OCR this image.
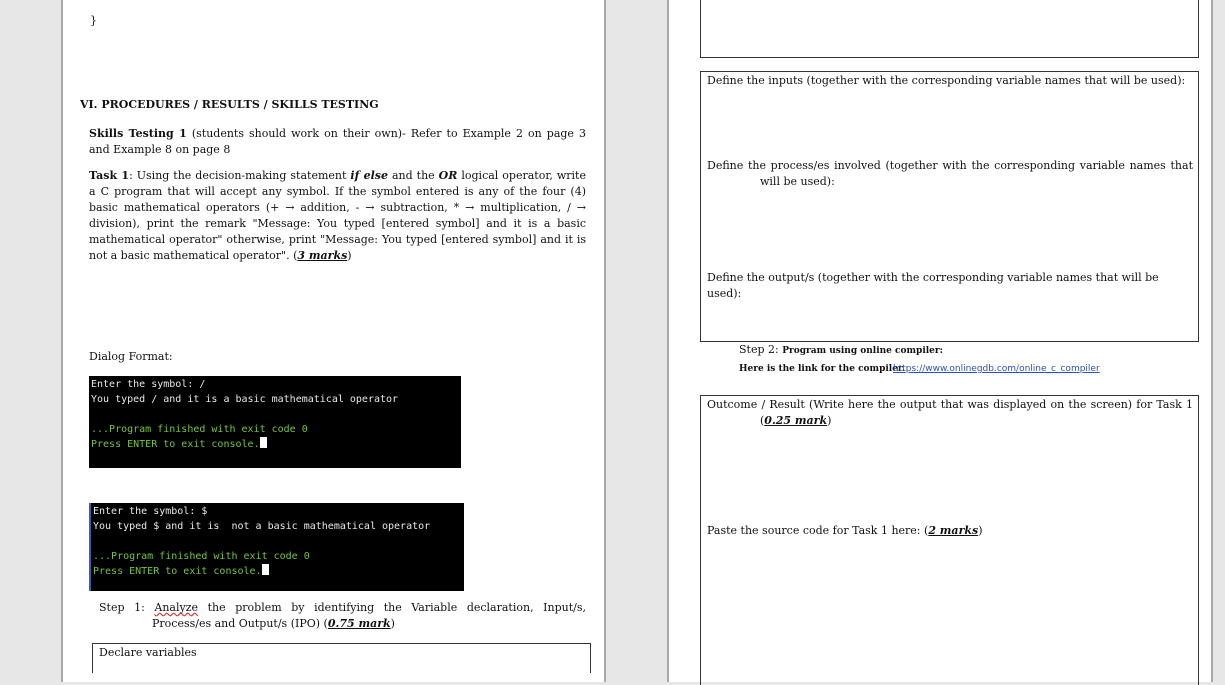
}
VI. PROCEDURES / RESULTS / SKILLS TESTING
Skills Testing 1 (students should work on their own)- Refer to Example 2 on page 3 and Example 8 on page 8
Task 1: Using the decision-making statement if else and the OR logical operator, write a C program that will accept any symbol. If the symbol entered is any of the four (4) basic mathematical operators (+ → addition, - → subtraction, * → multiplication, / → division), print the remark "Message: You typed [entered symbol] and it is a basic mathematical operator" otherwise, print "Message: You typed [entered symbol] and it is not a basic mathematical operator". (3 marks)
Dialog Format:
Enter the symbol: /
You typed / and it is a basic mathematical operator

...Program finished with exit code 0
Press ENTER to exit console.
Enter the symbol: $
You typed $ and it is  not a basic mathematical operator

...Program finished with exit code 0
Press ENTER to exit console.
Step 1: Analyze the problem by identifying the Variable declaration, Input/s, Process/es and Output/s (IPO) (0.75 mark)
Declare variables
Define the inputs (together with the corresponding variable names that will be used):
Define the process/es involved (together with the corresponding variable names that will be used):
Define the output/s (together with the corresponding variable names that will be used):
Step 2: Program using online compiler:
Here is the link for the compiler.
https://www.onlinegdb.com/online_c_compiler
Outcome / Result (Write here the output that was displayed on the screen) for Task 1 (0.25 mark)
Paste the source code for Task 1 here: (2 marks)
